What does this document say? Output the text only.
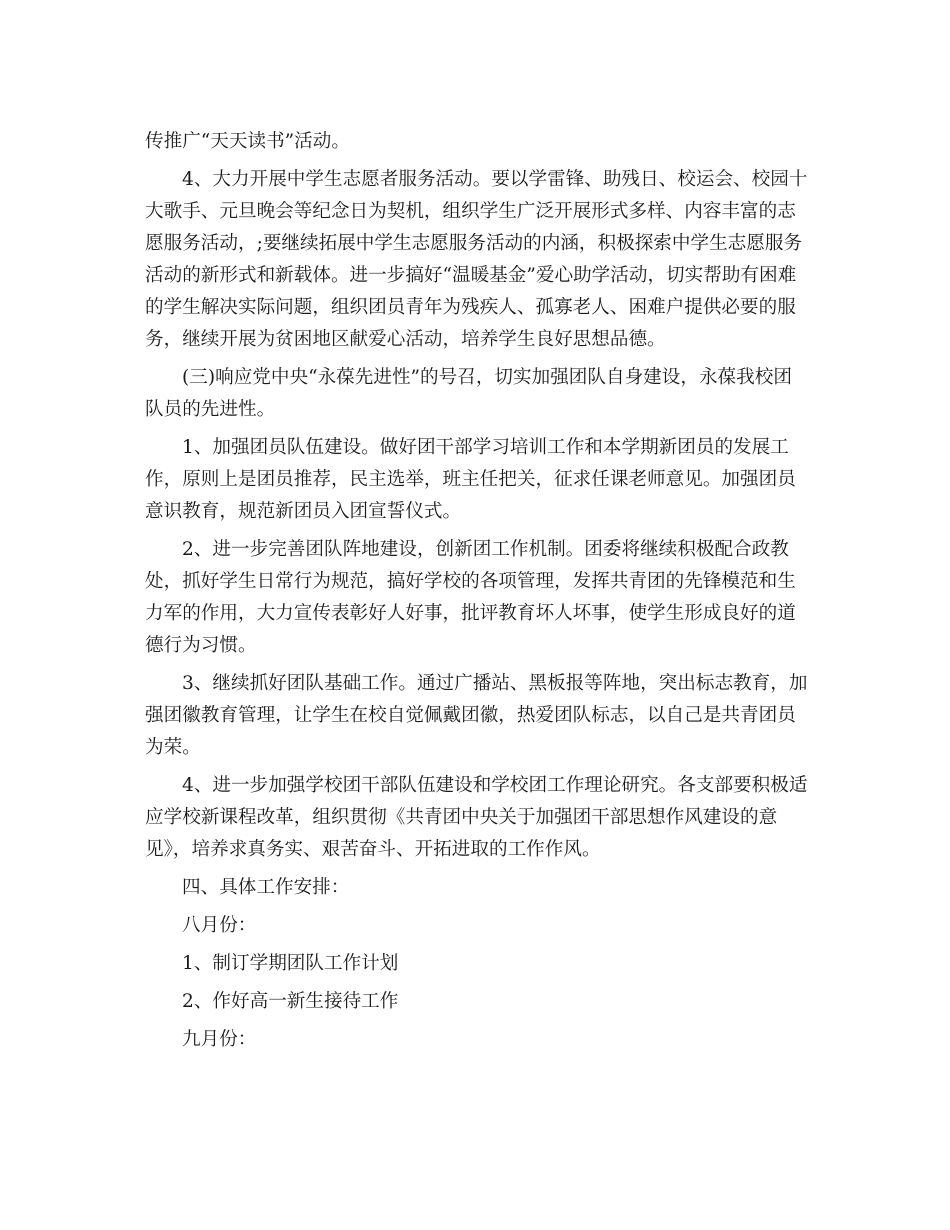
传推广“天天读书”活动。
4、大力开展中学生志愿者服务活动。要以学雷锋、助残日、校运会、校园十
大歌手、元旦晚会等纪念日为契机，组织学生广泛开展形式多样、内容丰富的志
愿服务活动，;要继续拓展中学生志愿服务活动的内涵，积极探索中学生志愿服务
活动的新形式和新载体。进一步搞好“温暖基金”爱心助学活动，切实帮助有困难
的学生解决实际问题，组织团员青年为残疾人、孤寡老人、困难户提供必要的服
务，继续开展为贫困地区献爱心活动，培养学生良好思想品德。
(三)响应党中央“永葆先进性”的号召，切实加强团队自身建设，永葆我校团
队员的先进性。
1、加强团员队伍建设。做好团干部学习培训工作和本学期新团员的发展工
作，原则上是团员推荐，民主选举，班主任把关，征求任课老师意见。加强团员
意识教育，规范新团员入团宣誓仪式。
2、进一步完善团队阵地建设，创新团工作机制。团委将继续积极配合政教
处，抓好学生日常行为规范，搞好学校的各项管理，发挥共青团的先锋模范和生
力军的作用，大力宣传表彰好人好事，批评教育坏人坏事，使学生形成良好的道
德行为习惯。
3、继续抓好团队基础工作。通过广播站、黑板报等阵地，突出标志教育，加
强团徽教育管理，让学生在校自觉佩戴团徽，热爱团队标志，以自己是共青团员
为荣。
4、进一步加强学校团干部队伍建设和学校团工作理论研究。各支部要积极适
应学校新课程改革，组织贯彻《共青团中央关于加强团干部思想作风建设的意
见》，培养求真务实、艰苦奋斗、开拓进取的工作作风。
四、具体工作安排：
八月份：
1、制订学期团队工作计划
2、作好高一新生接待工作
九月份：
